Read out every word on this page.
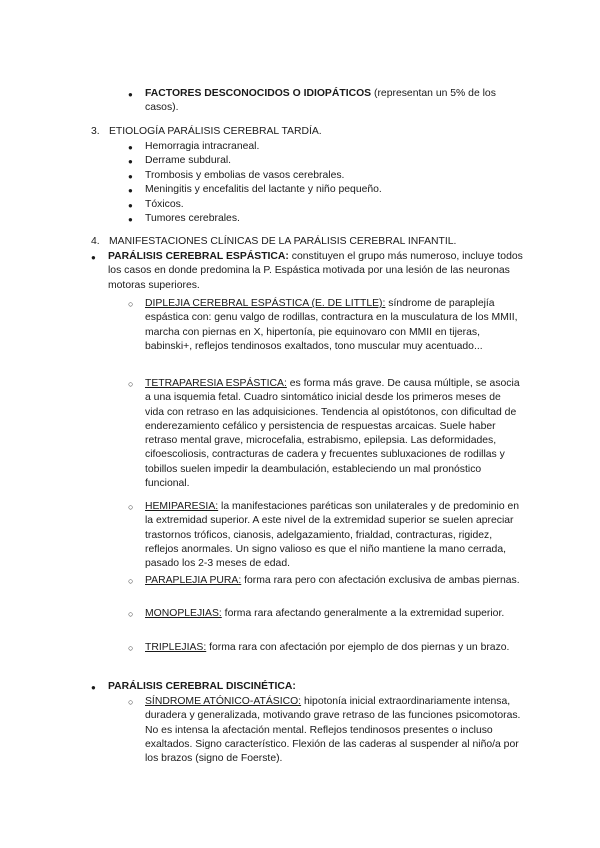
● FACTORES DESCONOCIDOS O IDIOPÁTICOS (representan un 5% de los casos).
3. ETIOLOGÍA PARÁLISIS CEREBRAL TARDÍA.
● Hemorragia intracraneal.
● Derrame subdural.
● Trombosis y embolias de vasos cerebrales.
● Meningitis y encefalitis del lactante y niño pequeño.
● Tóxicos.
● Tumores cerebrales.
4. MANIFESTACIONES CLÍNICAS DE LA PARÁLISIS CEREBRAL INFANTIL.
● PARÁLISIS CEREBRAL ESPÁSTICA: constituyen el grupo más numeroso, incluye todos los casos en donde predomina la P. Espástica motivada por una lesión de las neuronas motoras superiores.
○ DIPLEJIA CEREBRAL ESPÁSTICA (E. DE LITTLE): síndrome de paraplejía espástica con: genu valgo de rodillas, contractura en la musculatura de los MMII, marcha con piernas en X, hipertonía, pie equinovaro con MMII en tijeras, babinski+, reflejos tendinosos exaltados, tono muscular muy acentuado...
○ TETRAPARESIA ESPÁSTICA: es forma más grave. De causa múltiple, se asocia a una isquemia fetal. Cuadro sintomático inicial desde los primeros meses de vida con retraso en las adquisiciones. Tendencia al opistótonos, con dificultad de enderezamiento cefálico y persistencia de respuestas arcaicas. Suele haber retraso mental grave, microcefalia, estrabismo, epilepsia. Las deformidades, cifoescoliosis, contracturas de cadera y frecuentes subluxaciones de rodillas y tobillos suelen impedir la deambulación, estableciendo un mal pronóstico funcional.
○ HEMIPARESIA: la manifestaciones paréticas son unilaterales y de predominio en la extremidad superior. A este nivel de la extremidad superior se suelen apreciar trastornos tróficos, cianosis, adelgazamiento, frialdad, contracturas, rigidez, reflejos anormales. Un signo valioso es que el niño mantiene la mano cerrada, pasado los 2-3 meses de edad.
○ PARAPLEJIA PURA: forma rara pero con afectación exclusiva de ambas piernas.
○ MONOPLEJIAS: forma rara afectando generalmente a la extremidad superior.
○ TRIPLEJIAS: forma rara con afectación por ejemplo de dos piernas y un brazo.
● PARÁLISIS CEREBRAL DISCINÉTICA:
○ SÍNDROME ATÓNICO-ATÁSICO: hipotonía inicial extraordinariamente intensa, duradera y generalizada, motivando grave retraso de las funciones psicomotoras. No es intensa la afectación mental. Reflejos tendinosos presentes o incluso exaltados. Signo característico. Flexión de las caderas al suspender al niño/a por los brazos (signo de Foerste).
